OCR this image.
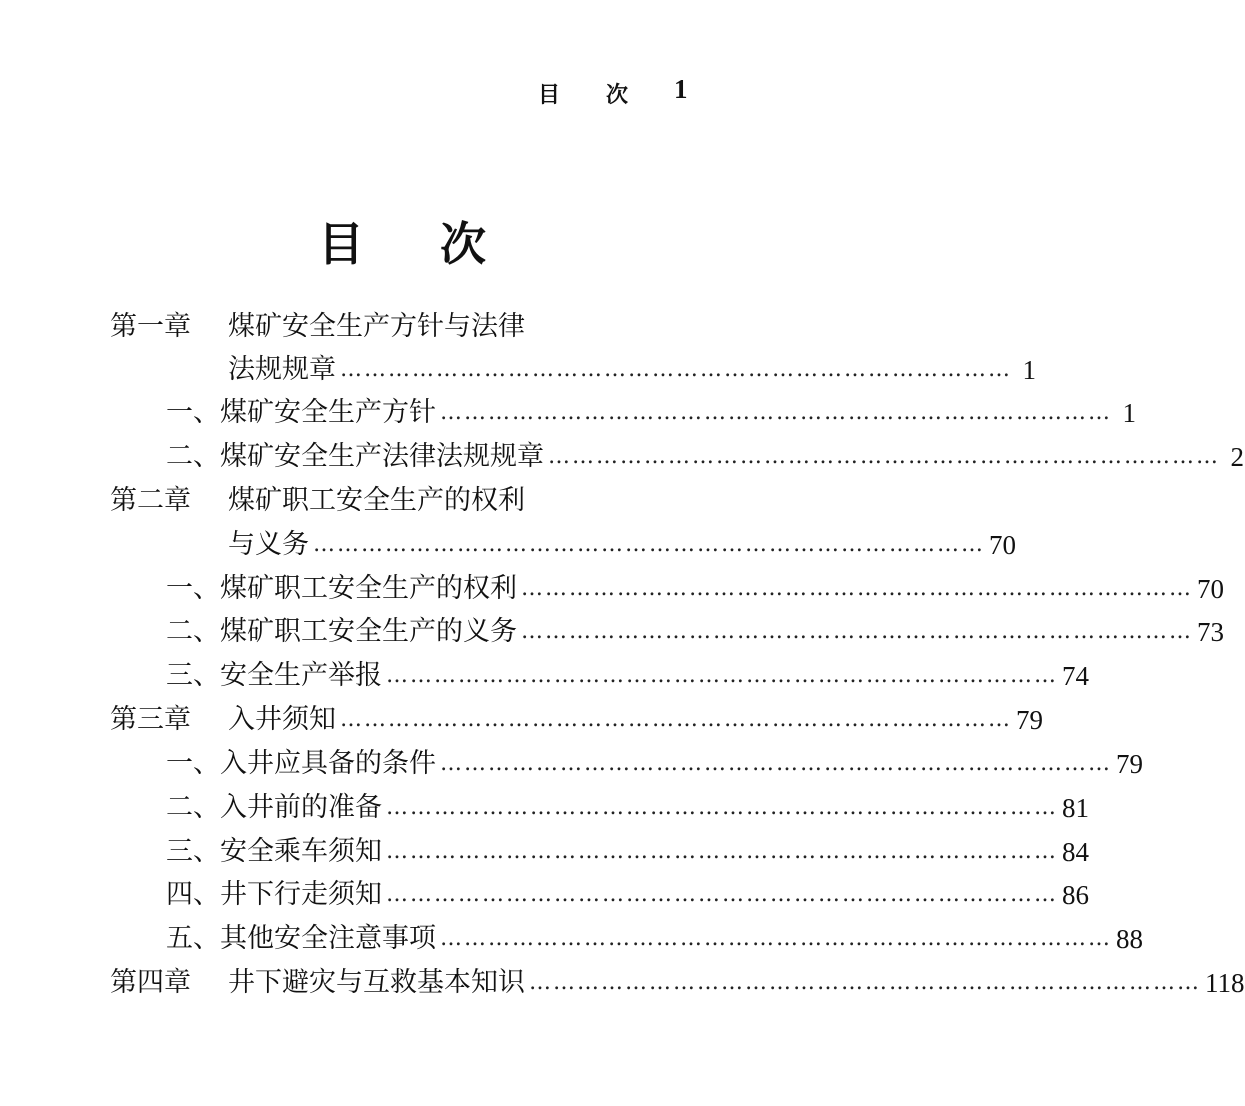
目次 1
目次
第一章 煤矿安全生产方针与法律
法规规章 ………………………………………………………………………… 1
一、煤矿安全生产方针 ………………………………………………………………………… 1
二、煤矿安全生产法律法规规章 ………………………………………………………………………… 2
第二章 煤矿职工安全生产的权利
与义务 ………………………………………………………………………… 70
一、煤矿职工安全生产的权利 ………………………………………………………………………… 70
二、煤矿职工安全生产的义务 ………………………………………………………………………… 73
三、安全生产举报 ………………………………………………………………………… 74
第三章 入井须知 ………………………………………………………………………… 79
一、入井应具备的条件 ………………………………………………………………………… 79
二、入井前的准备 ………………………………………………………………………… 81
三、安全乘车须知 ………………………………………………………………………… 84
四、井下行走须知 ………………………………………………………………………… 86
五、其他安全注意事项 ………………………………………………………………………… 88
第四章 井下避灾与互救基本知识 ………………………………………………………………………… 118
